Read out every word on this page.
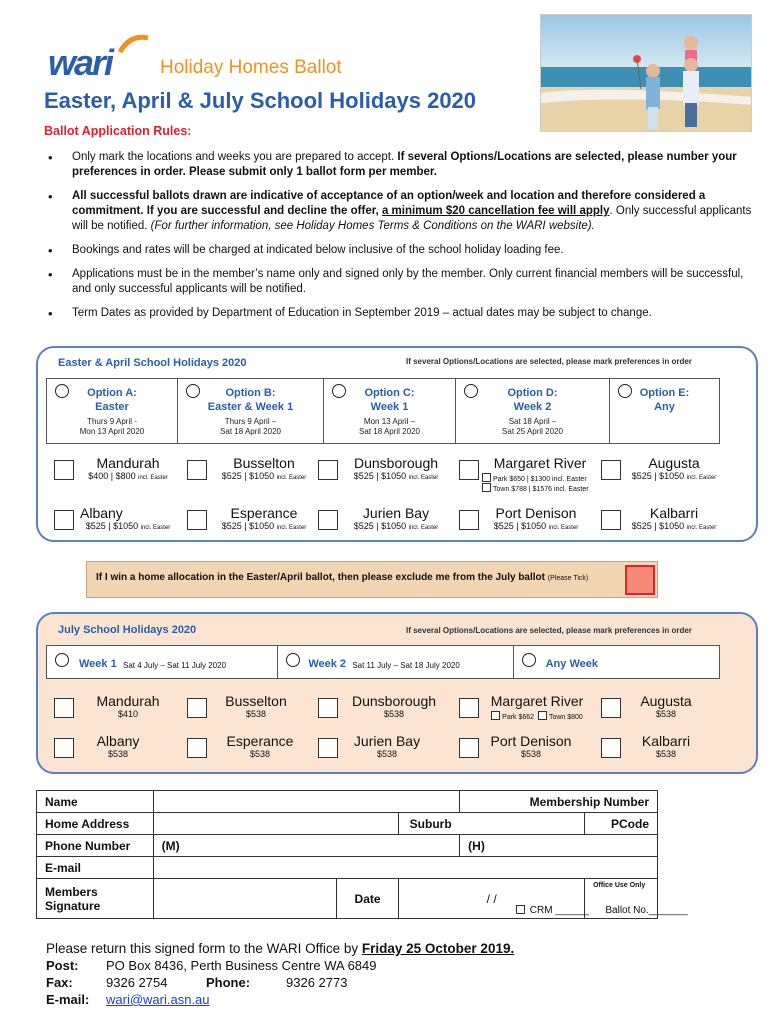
wari	Holiday Homes Ballot
Easter, April & July School Holidays 2020
Ballot Application Rules:
• Only mark the locations and weeks you are prepared to accept. If several Options/Locations are selected, please number your preferences in order. Please submit only 1 ballot form per member.
• All successful ballots drawn are indicative of acceptance of an option/week and location and therefore considered a commitment. If you are successful and decline the offer, a minimum $20 cancellation fee will apply. Only successful applicants will be notified. (For further information, see Holiday Homes Terms & Conditions on the WARI website).
• Bookings and rates will be charged at indicated below inclusive of the school holiday loading fee.
• Applications must be in the member’s name only and signed only by the member. Only current financial members will be successful, and only successful applicants will be notified.
• Term Dates as provided by Department of Education in September 2019 – actual dates may be subject to change.
Easter & April School Holidays 2020	If several Options/Locations are selected, please mark preferences in order
Option A:
Easter
Thurs 9 April -
Mon 13 April 2020
Option B:
Easter & Week 1
Thurs 9 April –
Sat 18 April 2020
Option C:
Week 1
Mon 13 April –
Sat 18 April 2020
Option D:
Week 2
Sat 18 April –
Sat 25 April 2020
Option E:
Any
Mandurah
$400 | $800 incl. Easter
Busselton
$525 | $1050 incl. Easter
Dunsborough
$525 | $1050 incl. Easter
Margaret River
Park $650 | $1300 incl. Easter
Town $788 | $1576 incl. Easter
Augusta
$525 | $1050 incl. Easter
Albany
$525 | $1050 incl. Easter
Esperance
$525 | $1050 incl. Easter
Jurien Bay
$525 | $1050 incl. Easter
Port Denison
$525 | $1050 incl. Easter
Kalbarri
$525 | $1050 incl. Easter
If I win a home allocation in the Easter/April ballot, then please exclude me from the July ballot (Please Tick)
July School Holidays 2020	If several Options/Locations are selected, please mark preferences in order
Week 1 Sat 4 July – Sat 11 July 2020	Week 2 Sat 11 July – Sat 18 July 2020	Any Week
Mandurah
$410
Busselton
$538
Dunsborough
$538
Margaret River
Park $662 Town $800
Augusta
$538
Albany
$538
Esperance
$538
Jurien Bay
$538
Port Denison
$538
Kalbarri
$538
Name				Membership Number	
Home Address			Suburb		PCode
Phone Number	(M)			(H)	
E-mail					
Members Signature		Date	/ /		Office Use Only
CRM ______ Ballot No._______
Please return this signed form to the WARI Office by Friday 25 October 2019.
Post: PO Box 8436, Perth Business Centre WA 6849
Fax:	9326 2754	Phone:	9326 2773
E-mail: wari@wari.asn.au
